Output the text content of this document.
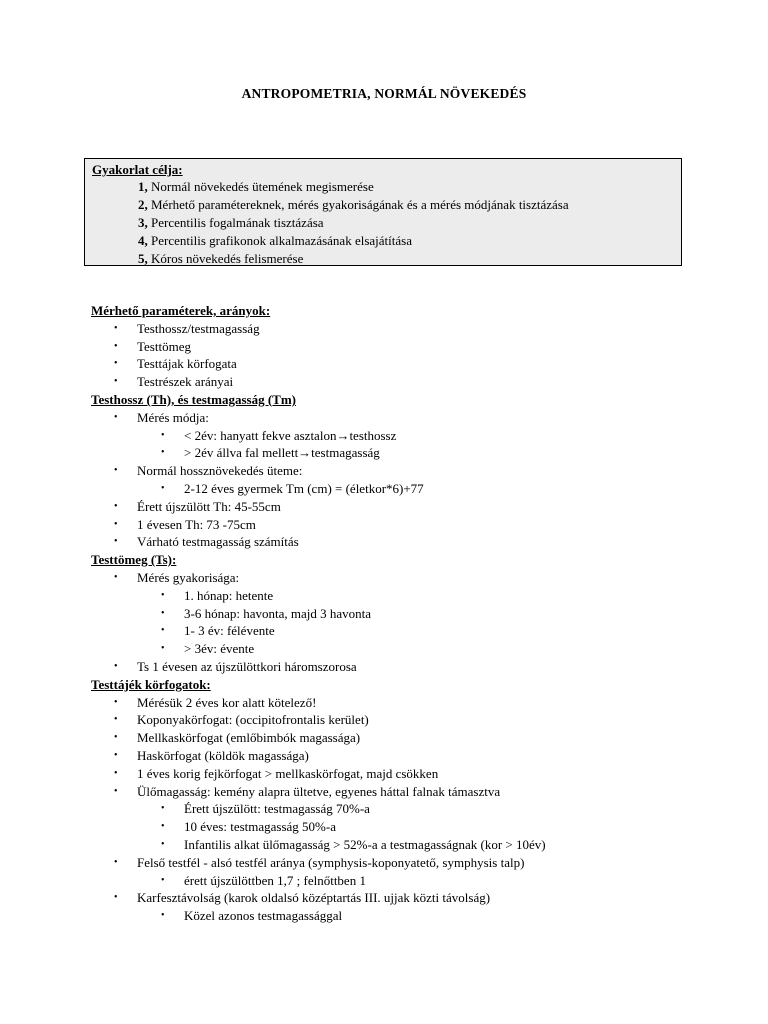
ANTROPOMETRIA, NORMÁL NÖVEKEDÉS
Gyakorlat célja:
1, Normál növekedés ütemének megismerése
2, Mérhető paramétereknek, mérés gyakoriságának és a mérés módjának tisztázása
3, Percentilis fogalmának tisztázása
4, Percentilis grafikonok alkalmazásának elsajátítása
5, Kóros növekedés felismerése
Mérhető paraméterek, arányok:
• Testhossz/testmagasság
• Testtömeg
• Testtájak körfogata
• Testrészek arányai
Testhossz (Th), és testmagasság (Tm)
• Mérés módja:
• < 2év: hanyatt fekve asztalon→testhossz
• > 2év állva fal mellett→testmagasság
• Normál hossznövekedés üteme:
• 2-12 éves gyermek Tm (cm) = (életkor*6)+77
• Érett újszülött Th: 45-55cm
• 1 évesen Th: 73 -75cm
• Várható testmagasság számítás
Testtömeg (Ts):
• Mérés gyakorisága:
• 1. hónap: hetente
• 3-6 hónap: havonta, majd 3 havonta
• 1- 3 év: félévente
• > 3év: évente
• Ts 1 évesen az újszülöttkori háromszorosa
Testtájék körfogatok:
• Mérésük 2 éves kor alatt kötelező!
• Koponyakörfogat: (occipitofrontalis kerület)
• Mellkaskörfogat (emlőbimbók magassága)
• Haskörfogat (köldök magassága)
• 1 éves korig fejkörfogat > mellkaskörfogat, majd csökken
• Ülőmagasság: kemény alapra ültetve, egyenes háttal falnak támasztva
• Érett újszülött: testmagasság 70%-a
• 10 éves: testmagasság 50%-a
• Infantilis alkat ülőmagasság > 52%-a a testmagasságnak (kor > 10év)
• Felső testfél - alsó testfél aránya (symphysis-koponyatető, symphysis talp)
• érett újszülöttben 1,7 ; felnőttben 1
• Karfesztávolság (karok oldalsó középtartás III. ujjak közti távolság)
• Közel azonos testmagassággal
